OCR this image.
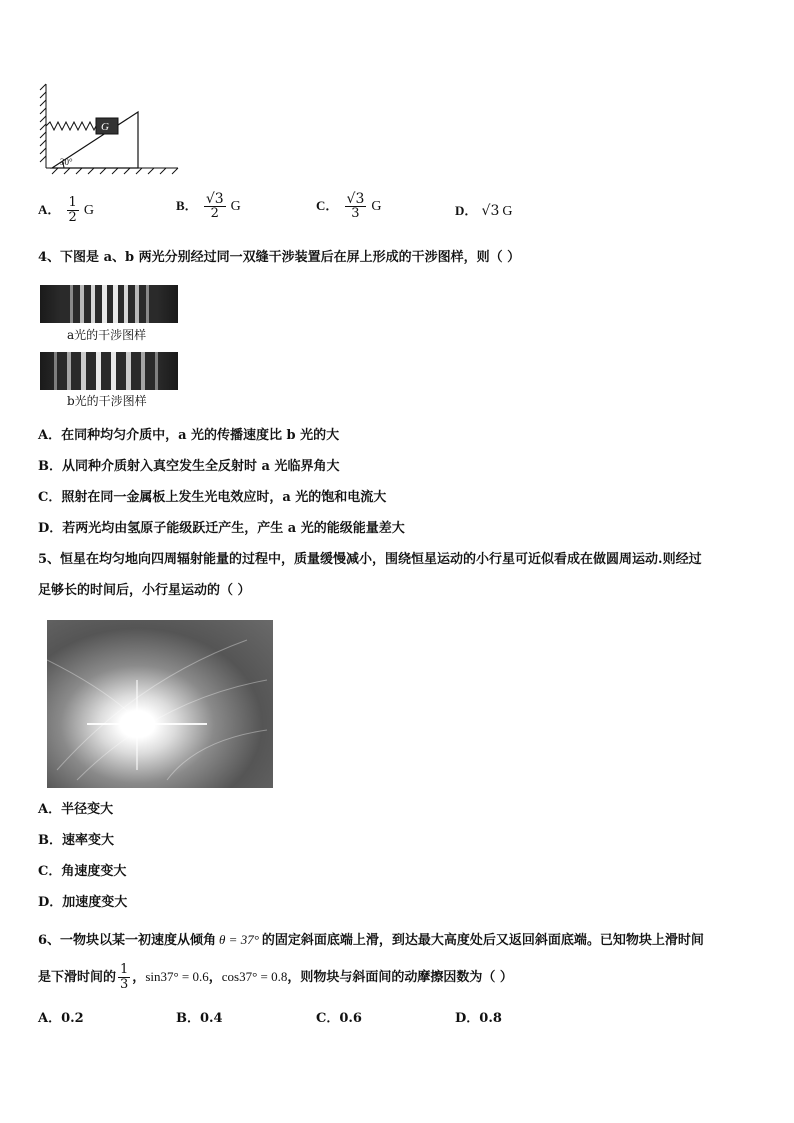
G
30°
A． $\frac{1}{2}$ G	B． $\frac{√3}{2}$ G	C． $\frac{√3}{3}$ G	D． √3 G
4、下图是 a、b 两光分别经过同一双缝干涉装置后在屏上形成的干涉图样，则（ ）
a光的干涉图样
b光的干涉图样
A．在同种均匀介质中，a 光的传播速度比 b 光的大
B．从同种介质射入真空发生全反射时 a 光临界角大
C．照射在同一金属板上发生光电效应时，a 光的饱和电流大
D．若两光均由氢原子能级跃迁产生，产生 a 光的能级能量差大
5、恒星在均匀地向四周辐射能量的过程中，质量缓慢减小，围绕恒星运动的小行星可近似看成在做圆周运动.则经过
足够长的时间后，小行星运动的（ ）
A．半径变大
B．速率变大
C．角速度变大
D．加速度变大
6、一物块以某一初速度从倾角 θ = 37° 的固定斜面底端上滑，到达最大高度处后又返回斜面底端。已知物块上滑时间
是下滑时间的 $\frac{1}{3}$ ，sin37° = 0.6，cos37° = 0.8，则物块与斜面间的动摩擦因数为（ ）
A．0.2	B．0.4	C．0.6	D．0.8
